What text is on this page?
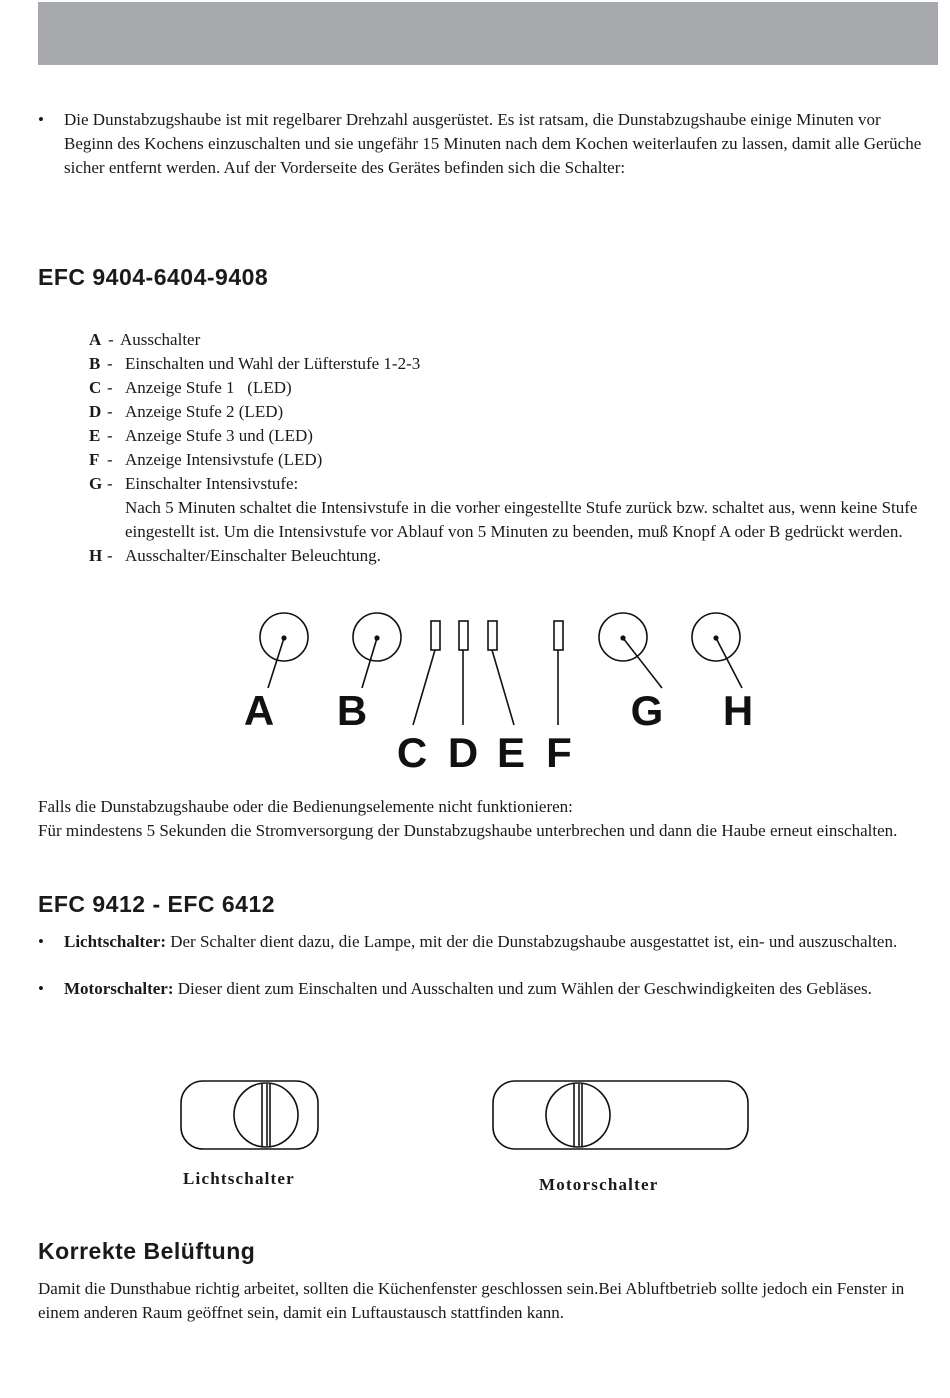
• Die Dunstabzugshaube ist mit regelbarer Drehzahl ausgerüstet. Es ist ratsam, die Dunstabzugshaube einige Minuten vor Beginn des Kochens einzuschalten und sie ungefähr 15 Minuten nach dem Kochen weiterlaufen zu lassen, damit alle Gerüche sicher entfernt werden. Auf der Vorderseite des Gerätes befinden sich die Schalter:
EFC 9404-6404-9408
A - Ausschalter
B - Einschalten und Wahl der Lüfterstufe 1-2-3
C - Anzeige Stufe 1   (LED)
D - Anzeige Stufe 2 (LED)
E - Anzeige Stufe 3 und (LED)
F - Anzeige Intensivstufe (LED)
G - Einschalter Intensivstufe:
Nach 5 Minuten schaltet die Intensivstufe in die vorher eingestellte Stufe zurück bzw. schaltet aus, wenn keine Stufe eingestellt ist. Um die Intensivstufe vor Ablauf von 5 Minuten zu beenden, muß Knopf A oder B gedrückt werden.
H - Ausschalter/Einschalter Beleuchtung.
A B
C D E F
G H

Falls die Dunstabzugshaube oder die Bedienungselemente nicht funktionieren:

Für mindestens 5 Sekunden die Stromversorgung der Dunstabzugshaube unterbrechen und dann die Haube erneut einschalten.

EFC 9412 - EFC 6412
• Lichtschalter: Der Schalter dient dazu, die Lampe, mit der die Dunstabzugshaube ausgestattet ist, ein- und auszuschalten.
• Motorschalter: Dieser dient zum Einschalten und Ausschalten und zum Wählen der Geschwindigkeiten des Gebläses.
Lichtschalter	Motorschalter
Korrekte Belüftung

Damit die Dunsthabue richtig arbeitet, sollten die Küchenfenster geschlossen sein.Bei Abluftbetrieb sollte jedoch ein Fenster in einem anderen Raum geöffnet sein, damit ein Luftaustausch stattfinden kann.
